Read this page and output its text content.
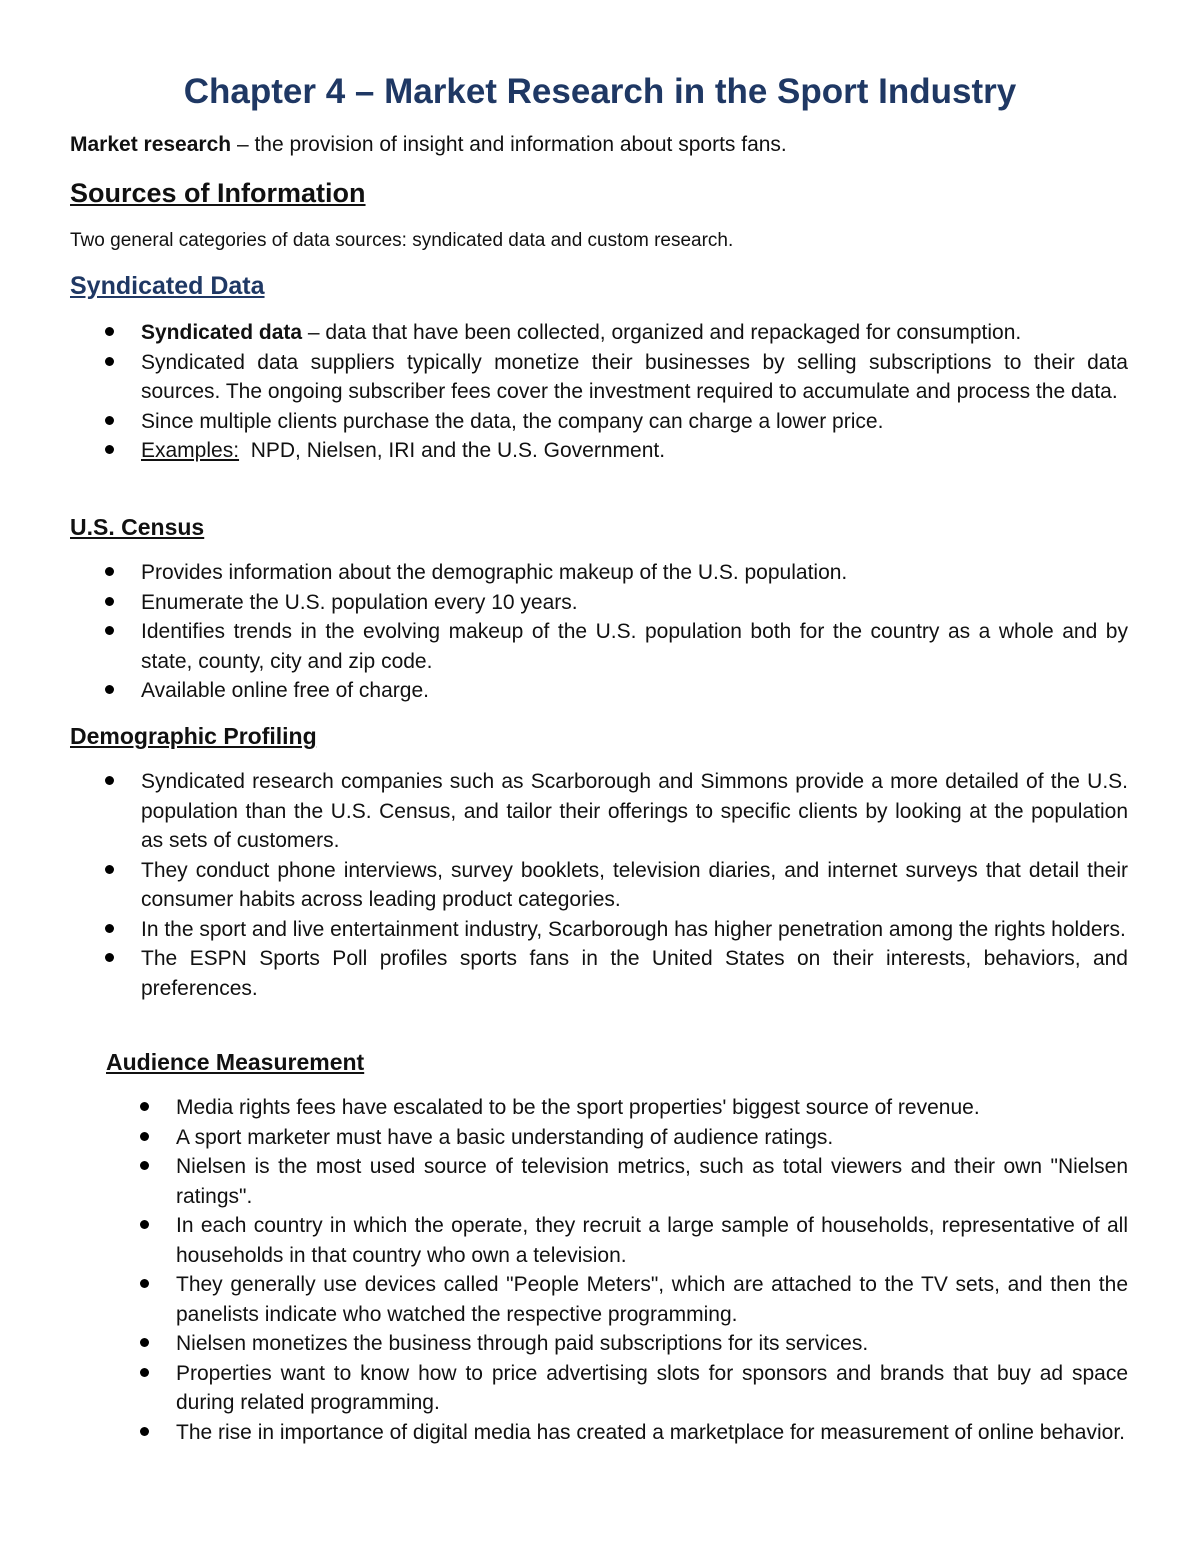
Chapter 4 – Market Research in the Sport Industry

Market research – the provision of insight and information about sports fans.

Sources of Information

Two general categories of data sources: syndicated data and custom research.

Syndicated Data
Syndicated data – data that have been collected, organized and repackaged for consumption.
Syndicated data suppliers typically monetize their businesses by selling subscriptions to their data sources. The ongoing subscriber fees cover the investment required to accumulate and process the data.
Since multiple clients purchase the data, the company can charge a lower price.
Examples:  NPD, Nielsen, IRI and the U.S. Government.
U.S. Census
Provides information about the demographic makeup of the U.S. population.
Enumerate the U.S. population every 10 years.
Identifies trends in the evolving makeup of the U.S. population both for the country as a whole and by state, county, city and zip code.
Available online free of charge.
Demographic Profiling
Syndicated research companies such as Scarborough and Simmons provide a more detailed of the U.S. population than the U.S. Census, and tailor their offerings to specific clients by looking at the population as sets of customers.
They conduct phone interviews, survey booklets, television diaries, and internet surveys that detail their consumer habits across leading product categories.
In the sport and live entertainment industry, Scarborough has higher penetration among the rights holders.
The ESPN Sports Poll profiles sports fans in the United States on their interests, behaviors, and preferences.
Audience Measurement
Media rights fees have escalated to be the sport properties' biggest source of revenue.
A sport marketer must have a basic understanding of audience ratings.
Nielsen is the most used source of television metrics, such as total viewers and their own "Nielsen ratings".
In each country in which the operate, they recruit a large sample of households, representative of all households in that country who own a television.
They generally use devices called "People Meters", which are attached to the TV sets, and then the panelists indicate who watched the respective programming.
Nielsen monetizes the business through paid subscriptions for its services.
Properties want to know how to price advertising slots for sponsors and brands that buy ad space during related programming.
The rise in importance of digital media has created a marketplace for measurement of online behavior.
